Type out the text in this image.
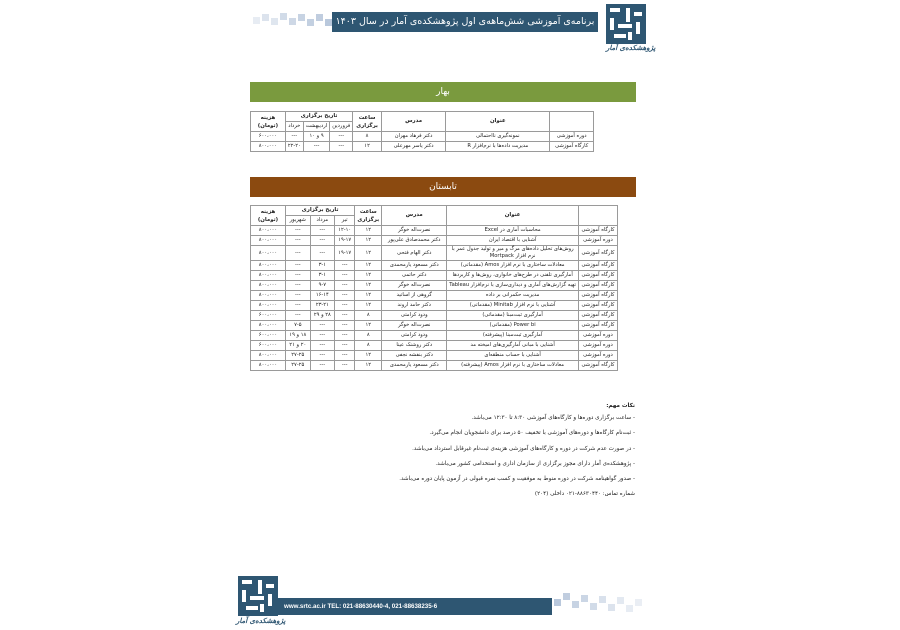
برنامه‌ی آموزشی شش‌ماهه‌ی اول پژوهشکده‌ی آمار در سال ۱۴۰۳
پژوهشکده‌ی آمار
بهار
	عنوان	مدرس	ساعت برگزاری	تاریخ برگزاری			هزینه (تومان)
				فروردین	اردیبهشت	خرداد	
دوره آموزشی	نمونه‌گیری نااحتمالی	دکتر فرهاد مهران	۸	---	۹ و ۱۰	---	۶۰۰،۰۰۰
کارگاه آموزشی	مدیریت داده‌ها با نرم‌افزار R	دکتر یاسر مهرعلی	۱۲	---	---	۲۲-۲۰	۸۰۰،۰۰۰
تابستان
	عنوان	مدرس	ساعت برگزاری	تاریخ برگزاری			هزینه (تومان)
				تیر	مرداد	شهریور	
کارگاه آموزشی	محاسبات آماری در Excel	نصرت‌اله خوگر	۱۲	۱۲-۱۰	---	---	۸۰۰،۰۰۰
دوره آموزشی	آشنایی با اقتصاد ایران	دکتر محمدصادق علی‌پور	۱۲	۱۹-۱۷	---	---	۸۰۰،۰۰۰
کارگاه آموزشی	روش‌های تحلیل داده‌های مرگ و میر و تولید جدول عمر با نرم افزار Mortpack	دکتر الهام فتحی	۱۲	۱۹-۱۷	---	---	۸۰۰،۰۰۰
کارگاه آموزشی	معادلات ساختاری با نرم افزار Amos (مقدماتی)	دکتر مسعود یارمحمدی	۱۲	---	۳-۱	---	۸۰۰،۰۰۰
کارگاه آموزشی	آمارگیری تلفنی در طرح‌های خانواری، روش‌ها و کاربردها	دکتر حاتمی	۱۲	---	۳-۱	---	۸۰۰،۰۰۰
کارگاه آموزشی	تهیه گزارش‌های آماری و دیداری‌سازی با نرم‌افزار Tableau	نصرت‌اله خوگر	۱۲	---	۹-۷	---	۸۰۰،۰۰۰
کارگاه آموزشی	مدیریت حکمرانی بر داده	گروهی از اساتید	۱۲	---	۱۶-۱۴	---	۸۰۰،۰۰۰
کارگاه آموزشی	آشنایی با نرم افزار Minitab (مقدماتی)	دکتر حامد اروند	۱۲	---	۲۳-۲۱	---	۸۰۰،۰۰۰
کارگاه آموزشی	آمارگیری ثبت‌مبنا (مقدماتی)	ودود کرامتی	۸	---	۲۸ و ۲۹	---	۶۰۰،۰۰۰
کارگاه آموزشی	Power bi (مقدماتی)	نصرت‌اله خوگر	۱۲	---	---	۷-۵	۸۰۰،۰۰۰
دوره آموزشی	آمارگیری ثبت‌مبنا (پیشرفته)	ودود کرامتی	۸	---	---	۱۸ و ۱۹	۶۰۰،۰۰۰
دوره آموزشی	آشنایی با مبانی آمارگیری‌های امیخته مد	دکتر روشنک عینا	۸	---	---	۲۰ و ۲۱	۶۰۰،۰۰۰
دوره آموزشی	آشنایی با حساب منطقه‌ای	دکتر بنفشه نجفی	۱۲	---	---	۲۷-۲۵	۸۰۰،۰۰۰
کارگاه آموزشی	معادلات ساختاری با نرم افزار Amos (پیشرفته)	دکتر مسعود یارمحمدی	۱۲	---	---	۲۷-۲۵	۸۰۰،۰۰۰
نکات مهم:
- ساعت برگزاری دوره‌ها و کارگاه‌های آموزشی ۸:۳۰ تا ۱۲:۳۰ می‌باشد.
- ثبت‌نام کارگاه‌ها و دوره‌های آموزشی با تخفیف ۵۰ درصد برای دانشجویان انجام می‌گیرد.
- در صورت عدم شرکت در دوره و کارگاه‌های آموزشی هزینه‌ی ثبت‌نام غیرقابل استرداد می‌باشد.
- پژوهشکده‌ی آمار دارای مجوز برگزاری از سازمان اداری و استخدامی کشور می‌باشد.
- صدور گواهینامه شرکت در دوره منوط به موفقیت و کسب نمره قبولی در آزمون پایان دوره می‌باشد.
شماره تماس: ۸۸۶۳۰۴۴۰-۰۲۱ داخلی (۲۰۴)
پژوهشکده‌ی آمار
www.srtc.ac.ir TEL: 021-88630440-4, 021-88638235-6
